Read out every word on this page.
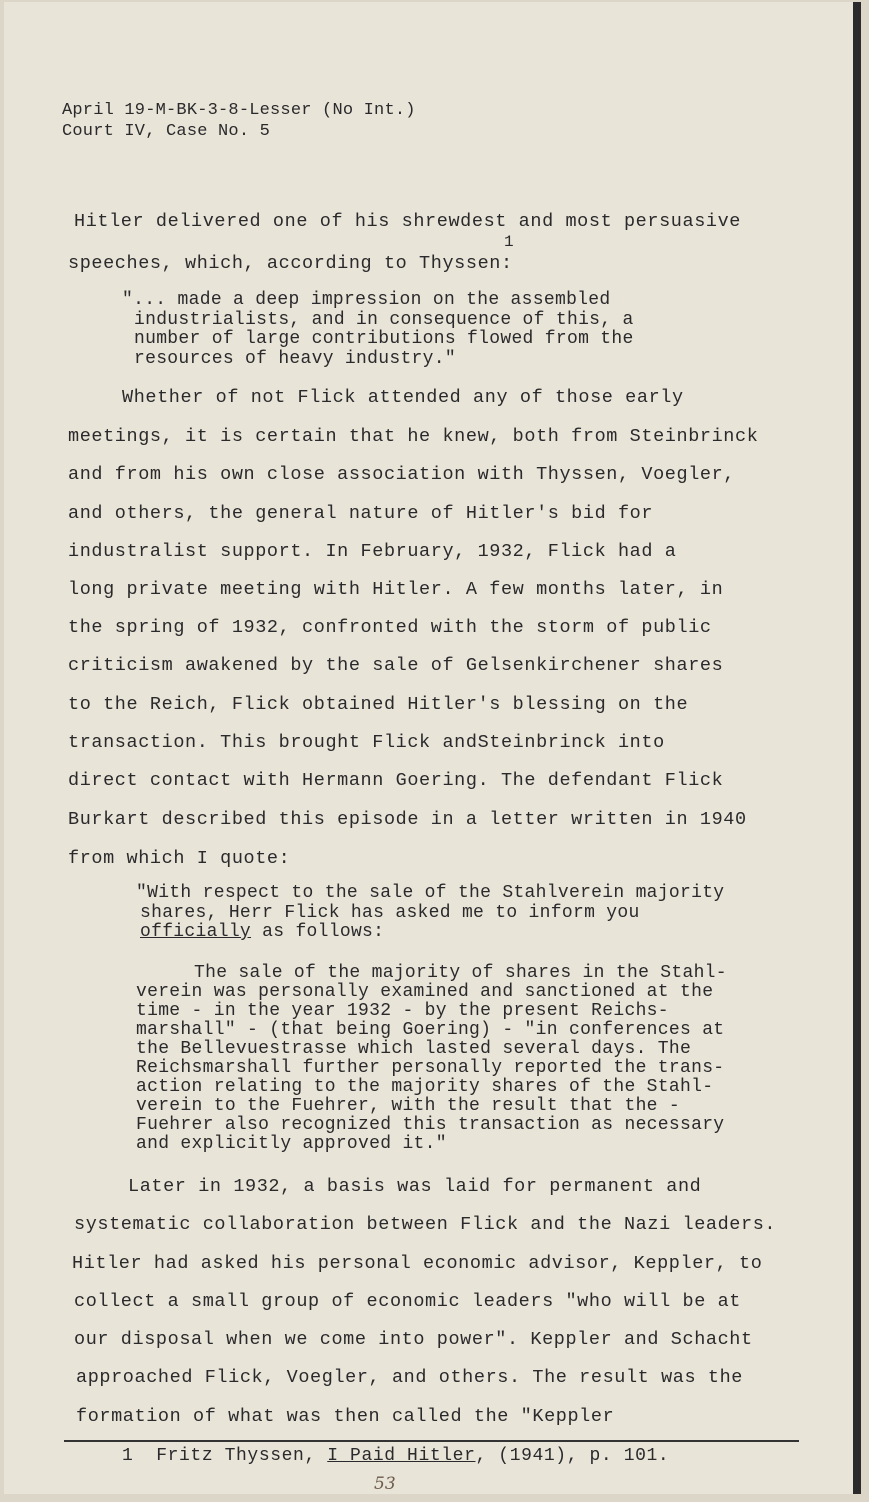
April 19-M-BK-3-8-Lesser (No Int.)
Court IV, Case No. 5
Hitler delivered one of his shrewdest and most persuasive
1
speeches, which, according to Thyssen:
"... made a deep impression on the assembled
industrialists, and in consequence of this, a
number of large contributions flowed from the
resources of heavy industry."
Whether of not Flick attended any of those early
meetings, it is certain that he knew, both from Steinbrinck
and from his own close association with Thyssen, Voegler,
and others, the general nature of Hitler's bid for
industralist support. In February, 1932, Flick had a
long private meeting with Hitler. A few months later, in
the spring of 1932, confronted with the storm of public
criticism awakened by the sale of Gelsenkirchener shares
to the Reich, Flick obtained Hitler's blessing on the
transaction. This brought Flick andSteinbrinck into
direct contact with Hermann Goering. The defendant Flick
Burkart described this episode in a letter written in 1940
from which I quote:
"With respect to the sale of the Stahlverein majority
shares, Herr Flick has asked me to inform you
officially as follows:
The sale of the majority of shares in the Stahl-
verein was personally examined and sanctioned at the
time - in the year 1932 - by the present Reichs-
marshall" - (that being Goering) - "in conferences at
the Bellevuestrasse which lasted several days. The
Reichsmarshall further personally reported the trans-
action relating to the majority shares of the Stahl-
verein to the Fuehrer, with the result that the -
Fuehrer also recognized this transaction as necessary
and explicitly approved it."
Later in 1932, a basis was laid for permanent and
systematic collaboration between Flick and the Nazi leaders.
Hitler had asked his personal economic advisor, Keppler, to
collect a small group of economic leaders "who will be at
our disposal when we come into power". Keppler and Schacht
approached Flick, Voegler, and others. The result was the
formation of what was then called the "Keppler
1 Fritz Thyssen, I Paid Hitler, (1941), p. 101.
53
